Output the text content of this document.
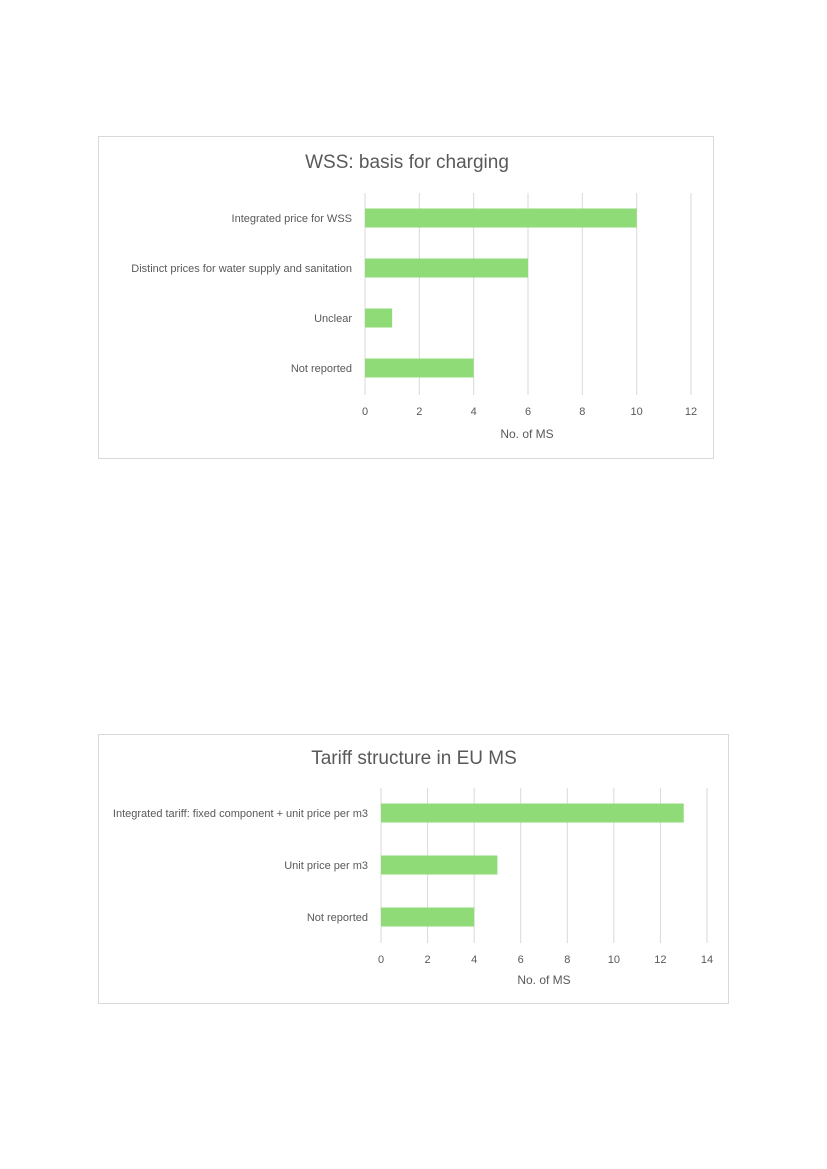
WSS: basis for charging
Integrated price for WSS
Distinct prices for water supply and sanitation
Unclear
Not reported
0	2	4	6	8	10	12
No. of MS
Tariff structure in EU MS
Integrated tariff: fixed component + unit price per m3
Unit price per m3
Not reported
0	2	4	6	8	10	12	14
No. of MS
